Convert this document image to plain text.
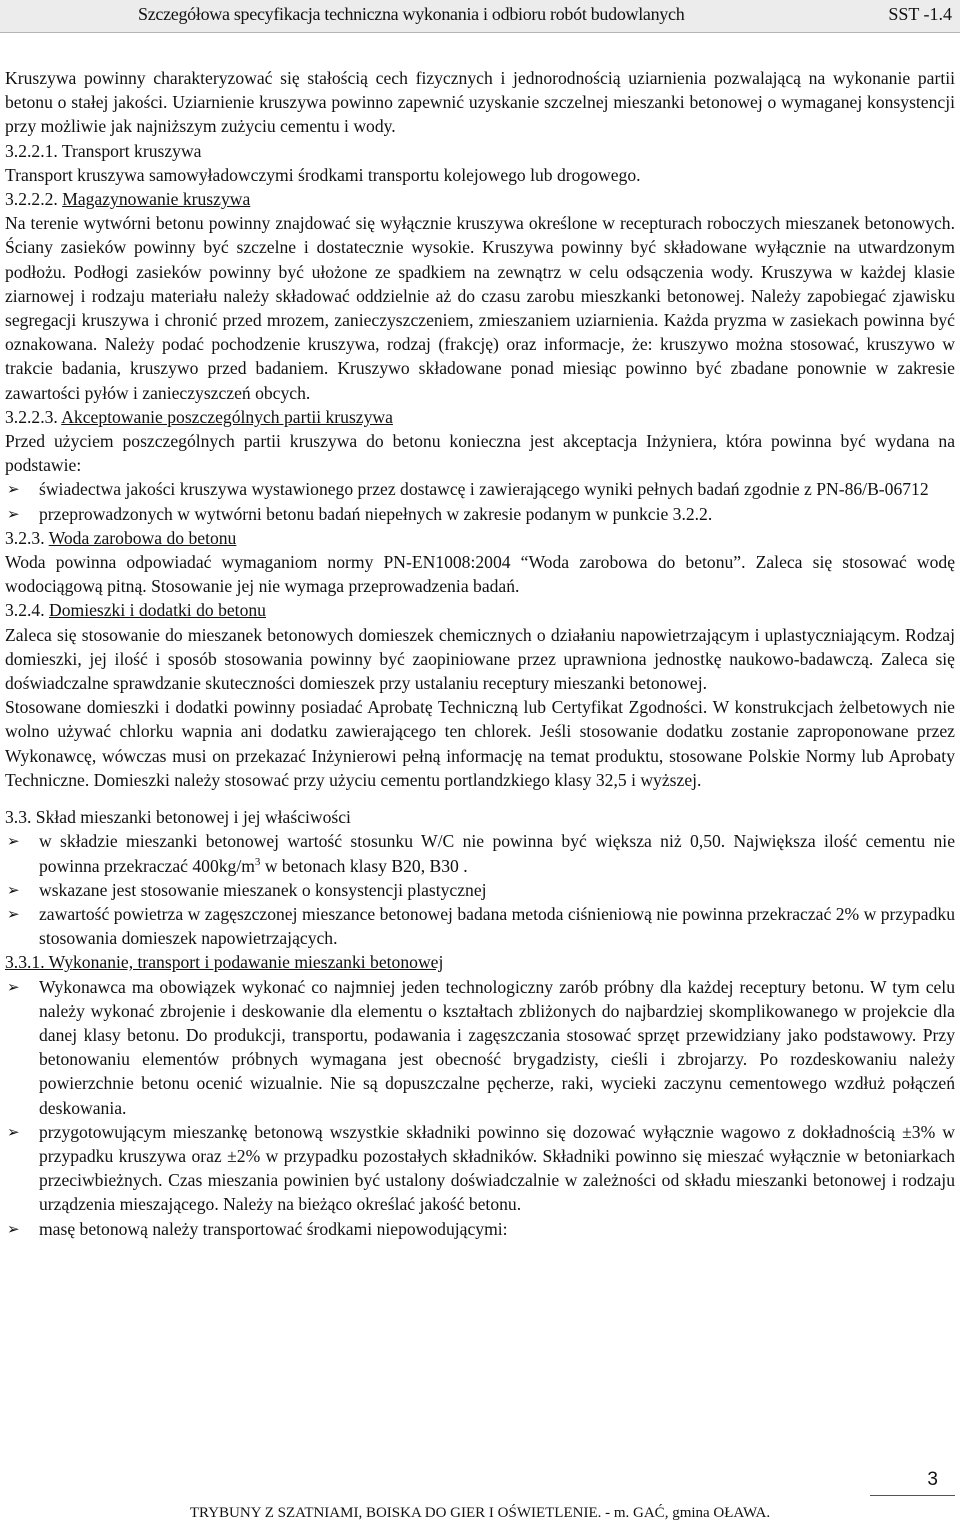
Szczegółowa specyfikacja techniczna wykonania i odbioru robót budowlanych	SST -1.4

Kruszywa powinny charakteryzować się stałością cech fizycznych i jednorodnością uziarnienia pozwalającą na wykonanie partii betonu o stałej jakości. Uziarnienie kruszywa powinno zapewnić uzyskanie szczelnej mieszanki betonowej o wymaganej konsystencji przy możliwie jak najniższym zużyciu cementu i wody.

3.2.2.1. Transport kruszywa

Transport kruszywa samowyładowczymi środkami transportu kolejowego lub drogowego.

3.2.2.2. Magazynowanie kruszywa

Na terenie wytwórni betonu powinny znajdować się wyłącznie kruszywa określone w recepturach roboczych mieszanek betonowych. Ściany zasieków powinny być szczelne i dostatecznie wysokie. Kruszywa powinny być składowane wyłącznie na utwardzonym podłożu. Podłogi zasieków powinny być ułożone ze spadkiem na zewnątrz w celu odsączenia wody. Kruszywa w każdej klasie ziarnowej i rodzaju materiału należy składować oddzielnie aż do czasu zarobu mieszkanki betonowej. Należy zapobiegać zjawisku segregacji kruszywa i chronić przed mrozem, zanieczyszczeniem, zmieszaniem uziarnienia. Każda pryzma w zasiekach powinna być oznakowana. Należy podać pochodzenie kruszywa, rodzaj (frakcję) oraz informacje, że: kruszywo można stosować, kruszywo w trakcie badania, kruszywo przed badaniem. Kruszywo składowane ponad miesiąc powinno być zbadane ponownie w zakresie zawartości pyłów i zanieczyszczeń obcych.

3.2.2.3. Akceptowanie poszczególnych partii kruszywa

Przed użyciem poszczególnych partii kruszywa do betonu konieczna jest akceptacja Inżyniera, która powinna być wydana na podstawie:

➢ świadectwa jakości kruszywa wystawionego przez dostawcę i zawierającego wyniki pełnych badań zgodnie z PN-86/B-06712
➢ przeprowadzonych w wytwórni betonu badań niepełnych w zakresie podanym w punkcie 3.2.2.

3.2.3. Woda zarobowa do betonu

Woda powinna odpowiadać wymaganiom normy PN-EN1008:2004 “Woda zarobowa do betonu”. Zaleca się stosować wodę wodociągową pitną. Stosowanie jej nie wymaga przeprowadzenia badań.

3.2.4. Domieszki i dodatki do betonu

Zaleca się stosowanie do mieszanek betonowych domieszek chemicznych o działaniu napowietrzającym i uplastyczniającym. Rodzaj domieszki, jej ilość i sposób stosowania powinny być zaopiniowane przez uprawniona jednostkę naukowo-badawczą. Zaleca się doświadczalne sprawdzanie skuteczności domieszek przy ustalaniu receptury mieszanki betonowej.

Stosowane domieszki i dodatki powinny posiadać Aprobatę Techniczną lub Certyfikat Zgodności. W konstrukcjach żelbetowych nie wolno używać chlorku wapnia ani dodatku zawierającego ten chlorek. Jeśli stosowanie dodatku zostanie zaproponowane przez Wykonawcę, wówczas musi on przekazać Inżynierowi pełną informację na temat produktu, stosowane Polskie Normy lub Aprobaty Techniczne. Domieszki należy stosować przy użyciu cementu portlandzkiego klasy 32,5 i wyższej.

3.3. Skład mieszanki betonowej i jej właściwości

➢ w składzie mieszanki betonowej wartość stosunku W/C nie powinna być większa niż 0,50. Największa ilość cementu nie powinna przekraczać $400kg/m^3$ w betonach klasy B20, B30 .
➢ wskazane jest stosowanie mieszanek o konsystencji plastycznej
➢ zawartość powietrza w zagęszczonej mieszance betonowej badana metoda ciśnieniową nie powinna przekraczać 2% w przypadku stosowania domieszek napowietrzających.

3.3.1. Wykonanie, transport i podawanie mieszanki betonowej

➢ Wykonawca ma obowiązek wykonać co najmniej jeden technologiczny zarób próbny dla każdej receptury betonu. W tym celu należy wykonać zbrojenie i deskowanie dla elementu o kształtach zbliżonych do najbardziej skomplikowanego w projekcie dla danej klasy betonu. Do produkcji, transportu, podawania i zagęszczania stosować sprzęt przewidziany jako podstawowy. Przy betonowaniu elementów próbnych wymagana jest obecność brygadzisty, cieśli i zbrojarzy. Po rozdeskowaniu należy powierzchnie betonu ocenić wizualnie. Nie są dopuszczalne pęcherze, raki, wycieki zaczynu cementowego wzdłuż połączeń deskowania.
➢ przygotowującym mieszankę betonową wszystkie składniki powinno się dozować wyłącznie wagowo z dokładnością ±3% w przypadku kruszywa oraz ±2% w przypadku pozostałych składników. Składniki powinno się mieszać wyłącznie w betoniarkach przeciwbieżnych. Czas mieszania powinien być ustalony doświadczalnie w zależności od składu mieszanki betonowej i rodzaju urządzenia mieszającego. Należy na bieżąco określać jakość betonu.
➢ masę betonową należy transportować środkami niepowodującymi:
3
TRYBUNY Z SZATNIAMI, BOISKA DO GIER I OŚWIETLENIE. - m. GAĆ, gmina OŁAWA.
